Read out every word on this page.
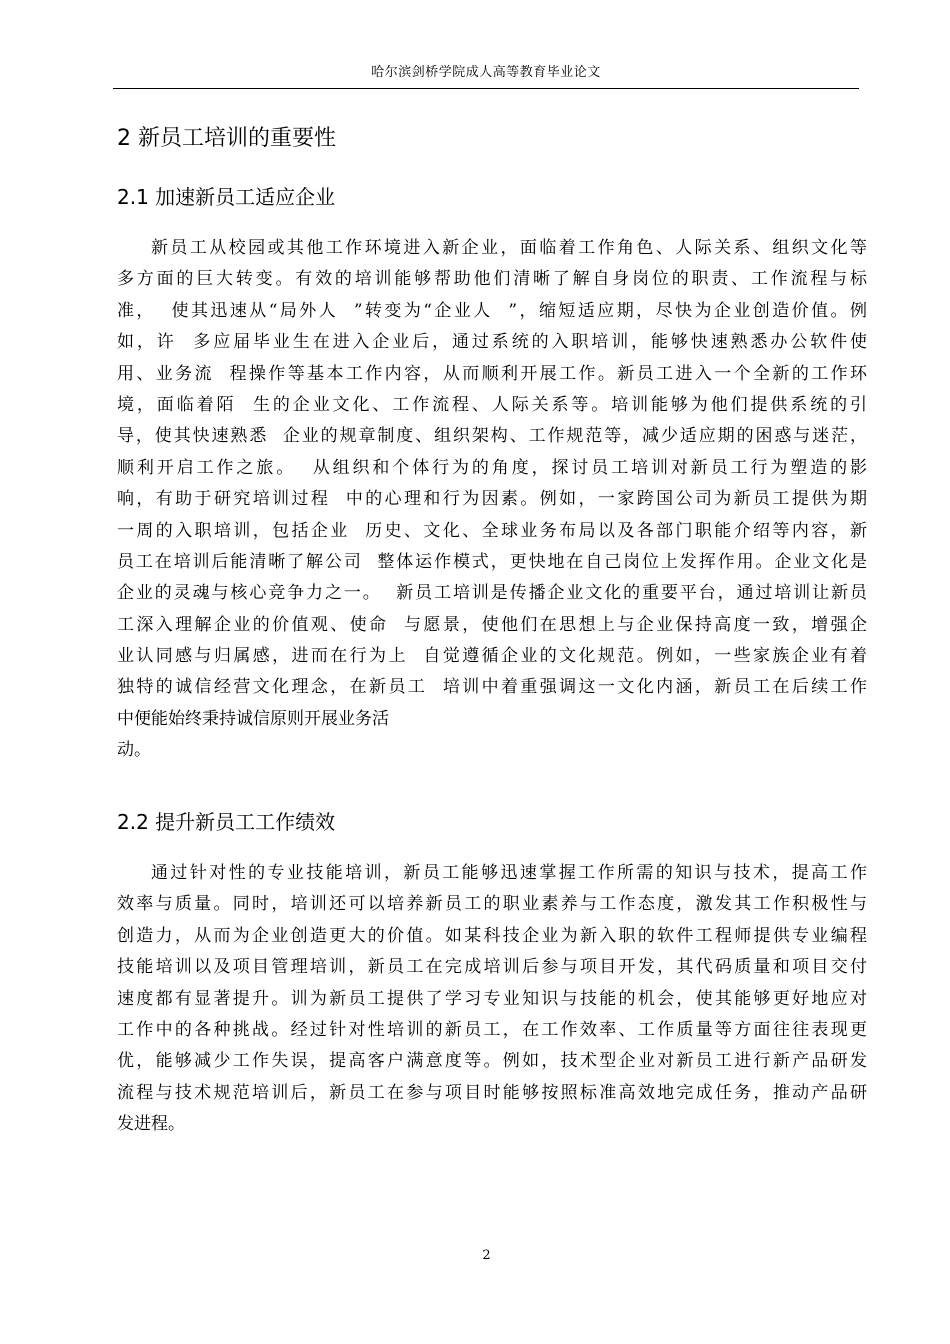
哈尔滨剑桥学院成人高等教育毕业论文
2 新员工培训的重要性
2.1 加速新员工适应企业
新员工从校园或其他工作环境进入新企业，面临着工作角色、人际关系、组织文化等
多方面的巨大转变。有效的培训能够帮助他们清晰了解自身岗位的职责、工作流程与标
准，  使其迅速从“局外人  ”转变为“企业人  ”，缩短适应期，尽快为企业创造价值。例
如，许  多应届毕业生在进入企业后，通过系统的入职培训，能够快速熟悉办公软件使
用、业务流  程操作等基本工作内容，从而顺利开展工作。新员工进入一个全新的工作环
境，面临着陌  生的企业文化、工作流程、人际关系等。培训能够为他们提供系统的引
导，使其快速熟悉  企业的规章制度、组织架构、工作规范等，减少适应期的困惑与迷茫，
顺利开启工作之旅。  从组织和个体行为的角度，探讨员工培训对新员工行为塑造的影
响，有助于研究培训过程  中的心理和行为因素。例如，一家跨国公司为新员工提供为期
一周的入职培训，包括企业  历史、文化、全球业务布局以及各部门职能介绍等内容，新
员工在培训后能清晰了解公司  整体运作模式，更快地在自己岗位上发挥作用。企业文化是
企业的灵魂与核心竞争力之一。  新员工培训是传播企业文化的重要平台，通过培训让新员
工深入理解企业的价值观、使命  与愿景，使他们在思想上与企业保持高度一致，增强企
业认同感与归属感，进而在行为上  自觉遵循企业的文化规范。例如，一些家族企业有着
独特的诚信经营文化理念，在新员工  培训中着重强调这一文化内涵，新员工在后续工作
中便能始终秉持诚信原则开展业务活
动。
2.2 提升新员工工作绩效
通过针对性的专业技能培训，新员工能够迅速掌握工作所需的知识与技术，提高工作
效率与质量。同时，培训还可以培养新员工的职业素养与工作态度，激发其工作积极性与
创造力，从而为企业创造更大的价值。如某科技企业为新入职的软件工程师提供专业编程
技能培训以及项目管理培训，新员工在完成培训后参与项目开发，其代码质量和项目交付
速度都有显著提升。训为新员工提供了学习专业知识与技能的机会，使其能够更好地应对
工作中的各种挑战。经过针对性培训的新员工，在工作效率、工作质量等方面往往表现更
优，能够减少工作失误，提高客户满意度等。例如，技术型企业对新员工进行新产品研发
流程与技术规范培训后，新员工在参与项目时能够按照标准高效地完成任务，推动产品研
发进程。
2
